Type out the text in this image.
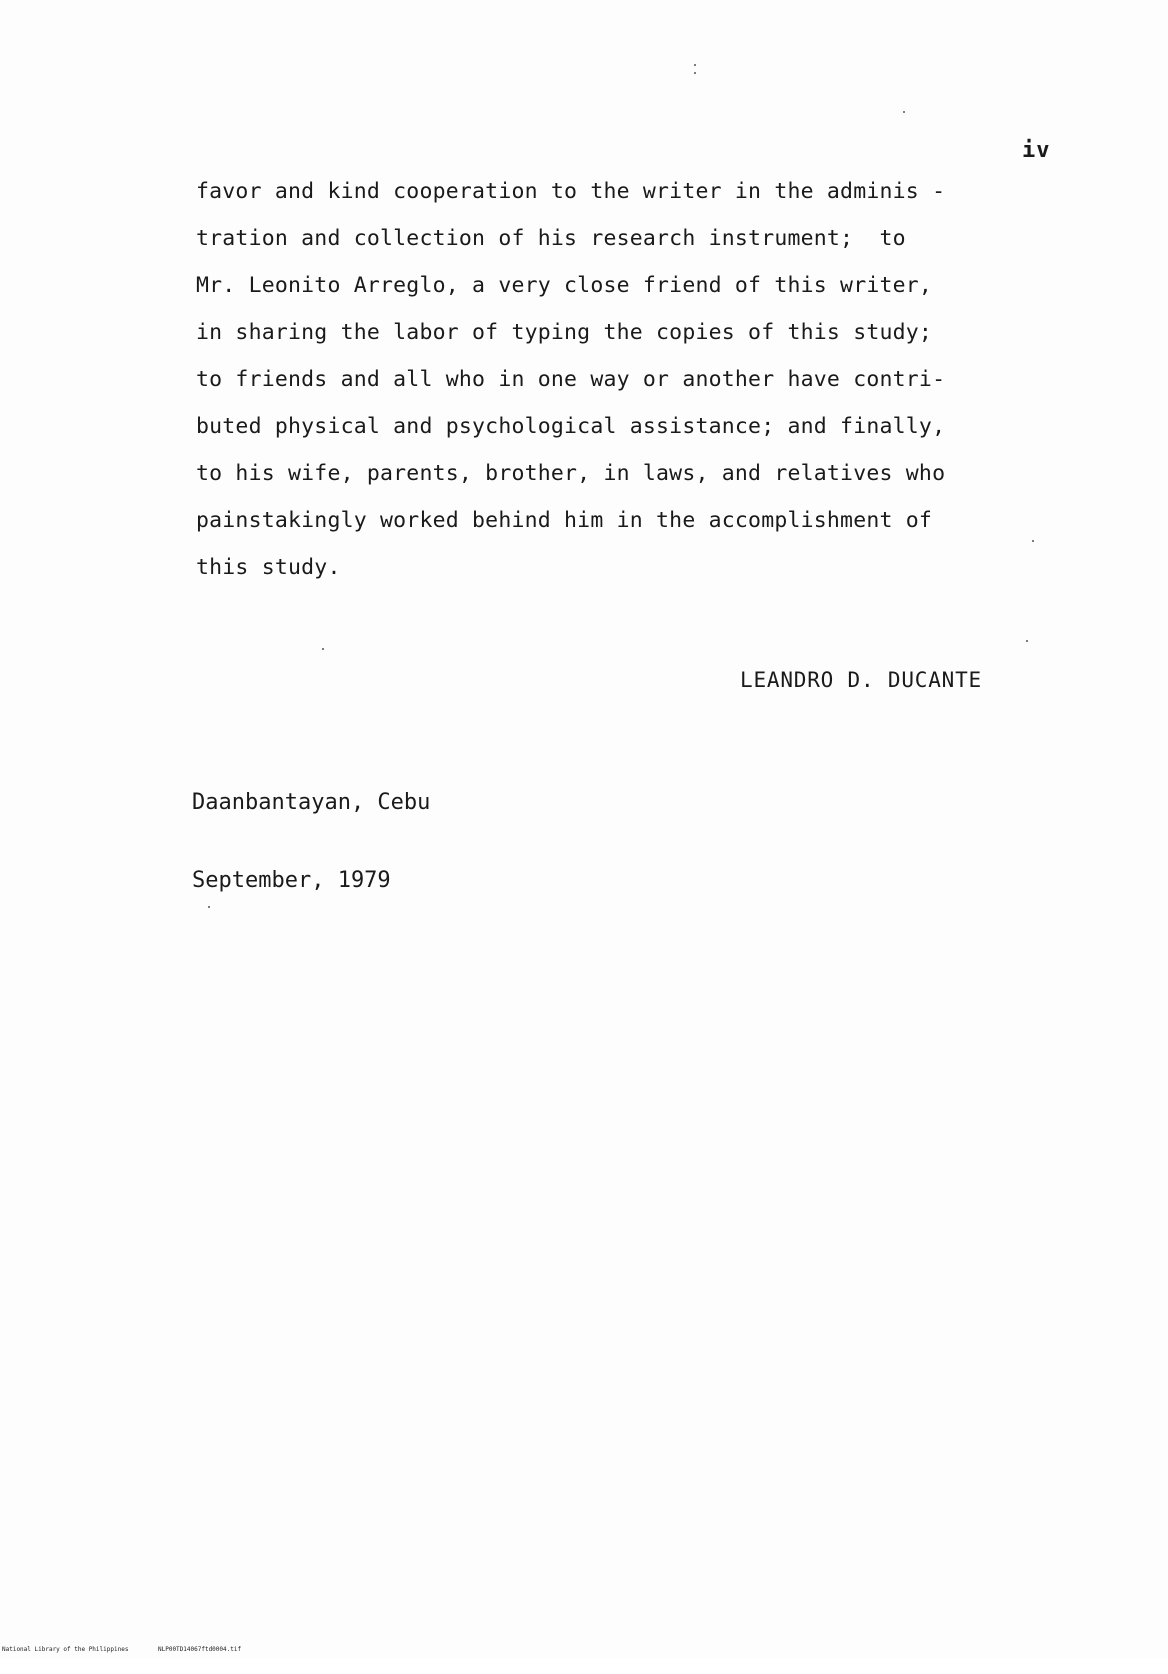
iv
favor and kind cooperation to the writer in the adminis -
tration and collection of his research instrument;  to
Mr. Leonito Arreglo, a very close friend of this writer,
in sharing the labor of typing the copies of this study;
to friends and all who in one way or another have contri-
buted physical and psychological assistance; and finally,
to his wife, parents, brother, in laws, and relatives who
painstakingly worked behind him in the accomplishment of
this study.
LEANDRO D. DUCANTE

Daanbantayan, Cebu

September, 1979

National Library of the Philippines

	NLP00TD14067ftd0004.tif
